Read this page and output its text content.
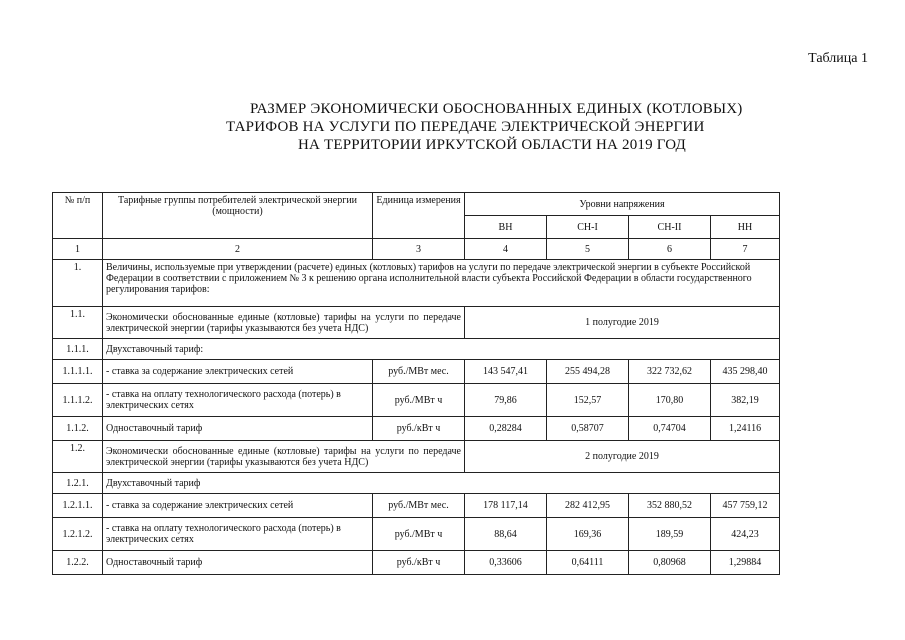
Таблица 1
РАЗМЕР ЭКОНОМИЧЕСКИ ОБОСНОВАННЫХ ЕДИНЫХ (КОТЛОВЫХ)
ТАРИФОВ НА УСЛУГИ ПО ПЕРЕДАЧЕ ЭЛЕКТРИЧЕСКОЙ ЭНЕРГИИ
НА ТЕРРИТОРИИ ИРКУТСКОЙ ОБЛАСТИ НА 2019 ГОД
№ п/п	Тарифные группы потребителей электрической энергии (мощности)	Единица измерения	Уровни напряжения			
			ВН	СН-I	СН-II	НН
1	2	3	4	5	6	7
1.	Величины, используемые при утверждении (расчете) единых (котловых) тарифов на услуги по передаче электрической энергии в субъекте Российской Федерации в соответствии с приложением № 3 к решению органа исполнительной власти субъекта Российской Федерации в области государственного регулирования тарифов:					
1.1.	Экономически обоснованные единые (котловые) тарифы на услуги по передаче электрической энергии (тарифы указываются без учета НДС)		1 полугодие 2019			
1.1.1.	Двухставочный тариф:					
1.1.1.1.	- ставка за содержание электрических сетей	руб./МВт мес.	143 547,41	255 494,28	322 732,62	435 298,40
1.1.1.2.	- ставка на оплату технологического расхода (потерь) в электрических сетях	руб./МВт ч	79,86	152,57	170,80	382,19
1.1.2.	Одноставочный тариф	руб./кВт ч	0,28284	0,58707	0,74704	1,24116
1.2.	Экономически обоснованные единые (котловые) тарифы на услуги по передаче электрической энергии (тарифы указываются без учета НДС)		2 полугодие 2019			
1.2.1.	Двухставочный тариф					
1.2.1.1.	- ставка за содержание электрических сетей	руб./МВт мес.	178 117,14	282 412,95	352 880,52	457 759,12
1.2.1.2.	- ставка на оплату технологического расхода (потерь) в электрических сетях	руб./МВт ч	88,64	169,36	189,59	424,23
1.2.2.	Одноставочный тариф	руб./кВт ч	0,33606	0,64111	0,80968	1,29884
